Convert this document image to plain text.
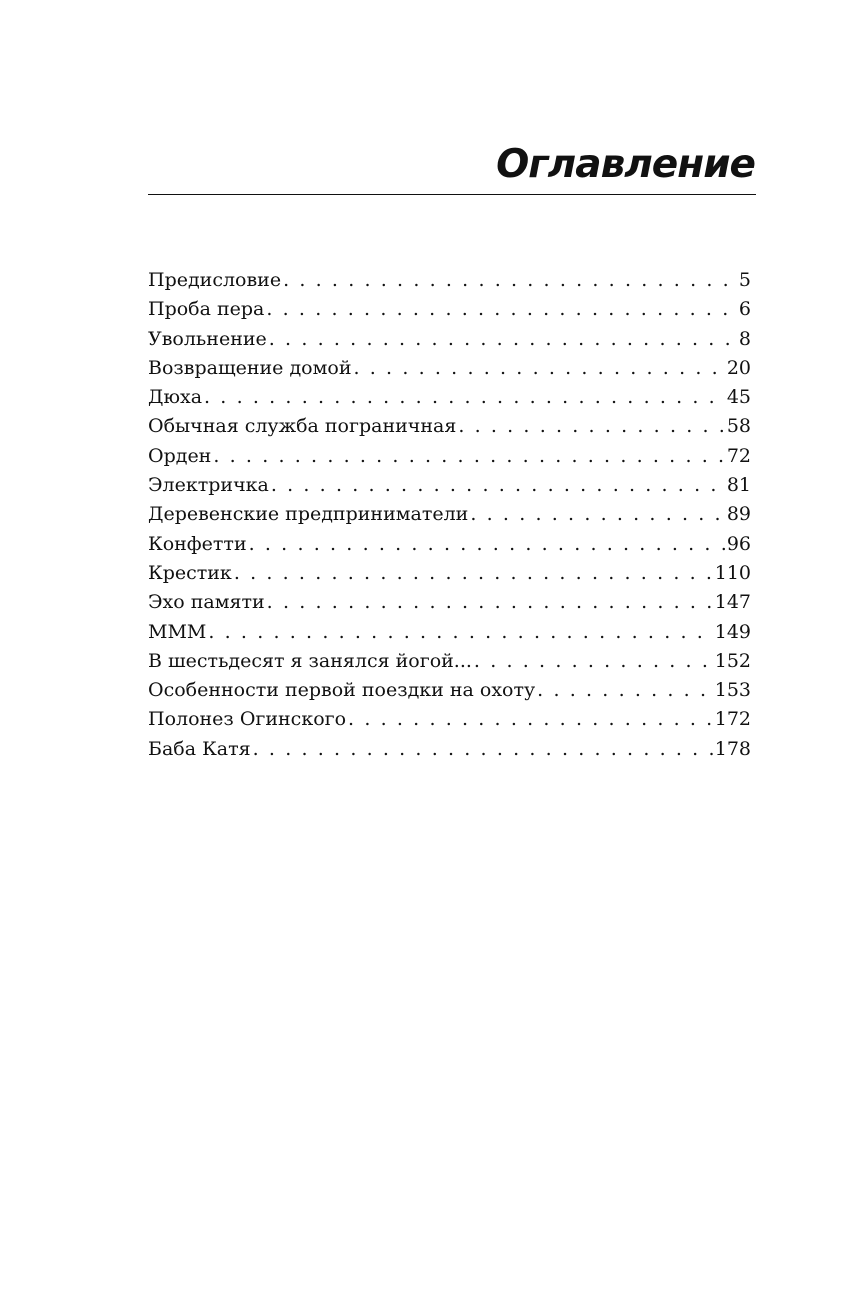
Оглавление
Предисловие . . .	5
Проба пера . . .	6
Увольнение . . .	8
Возвращение домой . . .	20
Дюха . . .	45
Обычная служба пограничная . . .	58
Орден . . .	72
Электричка . . .	81
Деревенские предприниматели . . .	89
Конфетти . . .	96
Крестик . . .	110
Эхо памяти . . .	147
МММ . . .	149
В шестьдесят я занялся йогой... . . .	152
Особенности первой поездки на охоту . . .	153
Полонез Огинского . . .	172
Баба Катя . . .	178
